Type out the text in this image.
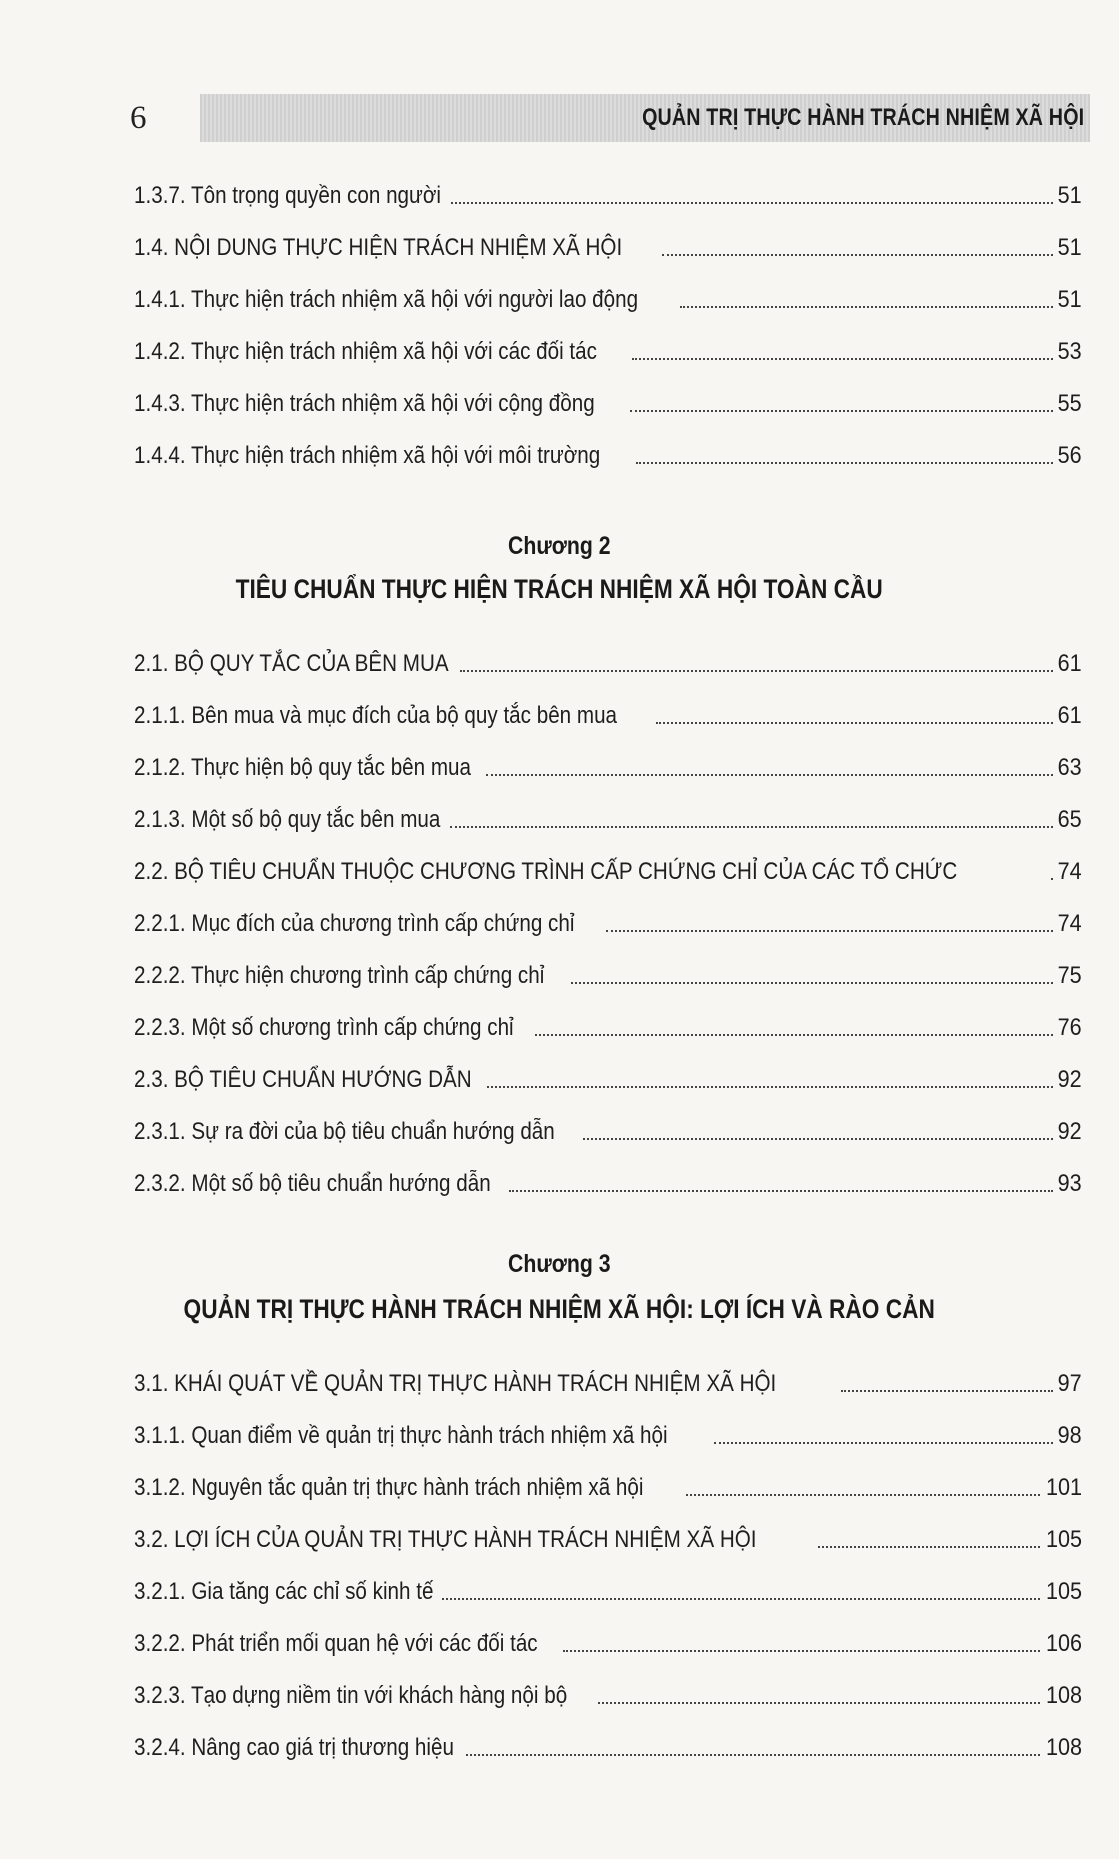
6	QUẢN TRỊ THỰC HÀNH TRÁCH NHIỆM XÃ HỘI
1.3.7. Tôn trọng quyền con người	51
1.4. NỘI DUNG THỰC HIỆN TRÁCH NHIỆM XÃ HỘI	51
1.4.1. Thực hiện trách nhiệm xã hội với người lao động	51
1.4.2. Thực hiện trách nhiệm xã hội với các đối tác	53
1.4.3. Thực hiện trách nhiệm xã hội với cộng đồng	55
1.4.4. Thực hiện trách nhiệm xã hội với môi trường	56
Chương 2
TIÊU CHUẨN THỰC HIỆN TRÁCH NHIỆM XÃ HỘI TOÀN CẦU
2.1. BỘ QUY TẮC CỦA BÊN MUA	61
2.1.1. Bên mua và mục đích của bộ quy tắc bên mua	61
2.1.2. Thực hiện bộ quy tắc bên mua	63
2.1.3. Một số bộ quy tắc bên mua	65
2.2. BỘ TIÊU CHUẨN THUỘC CHƯƠNG TRÌNH CẤP CHỨNG CHỈ CỦA CÁC TỔ CHỨC	74
2.2.1. Mục đích của chương trình cấp chứng chỉ	74
2.2.2. Thực hiện chương trình cấp chứng chỉ	75
2.2.3. Một số chương trình cấp chứng chỉ	76
2.3. BỘ TIÊU CHUẨN HƯỚNG DẪN	92
2.3.1. Sự ra đời của bộ tiêu chuẩn hướng dẫn	92
2.3.2. Một số bộ tiêu chuẩn hướng dẫn	93
Chương 3
QUẢN TRỊ THỰC HÀNH TRÁCH NHIỆM XÃ HỘI: LỢI ÍCH VÀ RÀO CẢN
3.1. KHÁI QUÁT VỀ QUẢN TRỊ THỰC HÀNH TRÁCH NHIỆM XÃ HỘI	97
3.1.1. Quan điểm về quản trị thực hành trách nhiệm xã hội	98
3.1.2. Nguyên tắc quản trị thực hành trách nhiệm xã hội	101
3.2. LỢI ÍCH CỦA QUẢN TRỊ THỰC HÀNH TRÁCH NHIỆM XÃ HỘI	105
3.2.1. Gia tăng các chỉ số kinh tế	105
3.2.2. Phát triển mối quan hệ với các đối tác	106
3.2.3. Tạo dựng niềm tin với khách hàng nội bộ	108
3.2.4. Nâng cao giá trị thương hiệu	108
